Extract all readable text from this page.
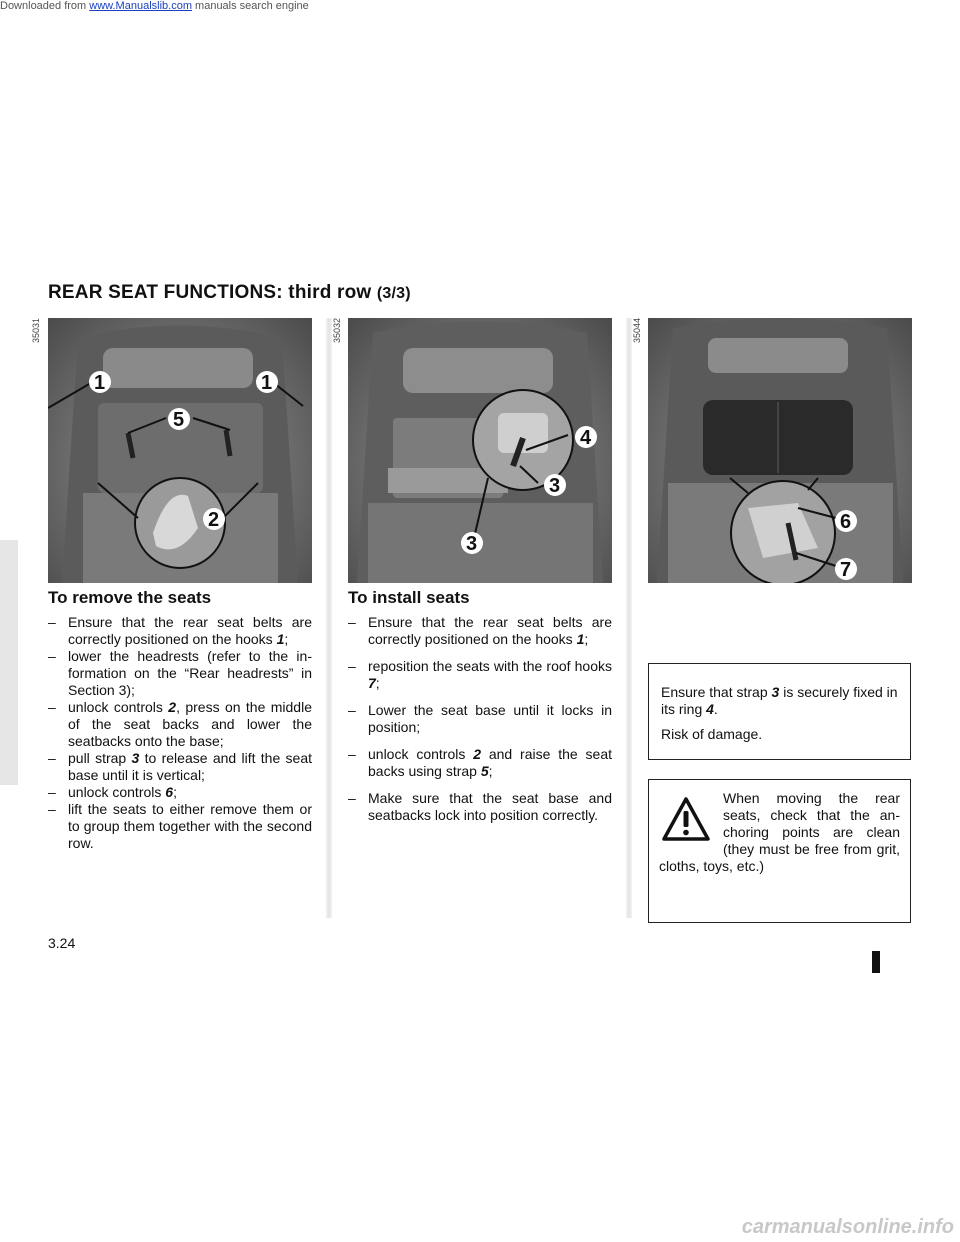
Downloaded from www.Manualslib.com manuals search engine
REAR SEAT FUNCTIONS: third row (3/3)
35031
1	1
5
2
35032
4
3
3
35044
6
7
To remove the seats
– Ensure that the rear seat belts are correctly positioned on the hooks 1;
– lower the headrests (refer to the information on the “Rear headrests” in Section 3);
– unlock controls 2, press on the middle of the seat backs and lower the seatbacks onto the base;
– pull strap 3 to release and lift the seat base until it is vertical;
– unlock controls 6;
– lift the seats to either remove them or to group them together with the second row.
To install seats
– Ensure that the rear seat belts are correctly positioned on the hooks 1;
– reposition the seats with the roof hooks 7;
– Lower the seat base until it locks in position;
– unlock controls 2 and raise the seat backs using strap 5;
– Make sure that the seat base and seatbacks lock into position correctly.

Ensure that strap 3 is securely fixed in its ring 4.

Risk of damage.

When moving the rear seats, check that the anchoring points are clean (they must be free from grit, cloths, toys, etc.)
3.24
carmanualsonline.info
